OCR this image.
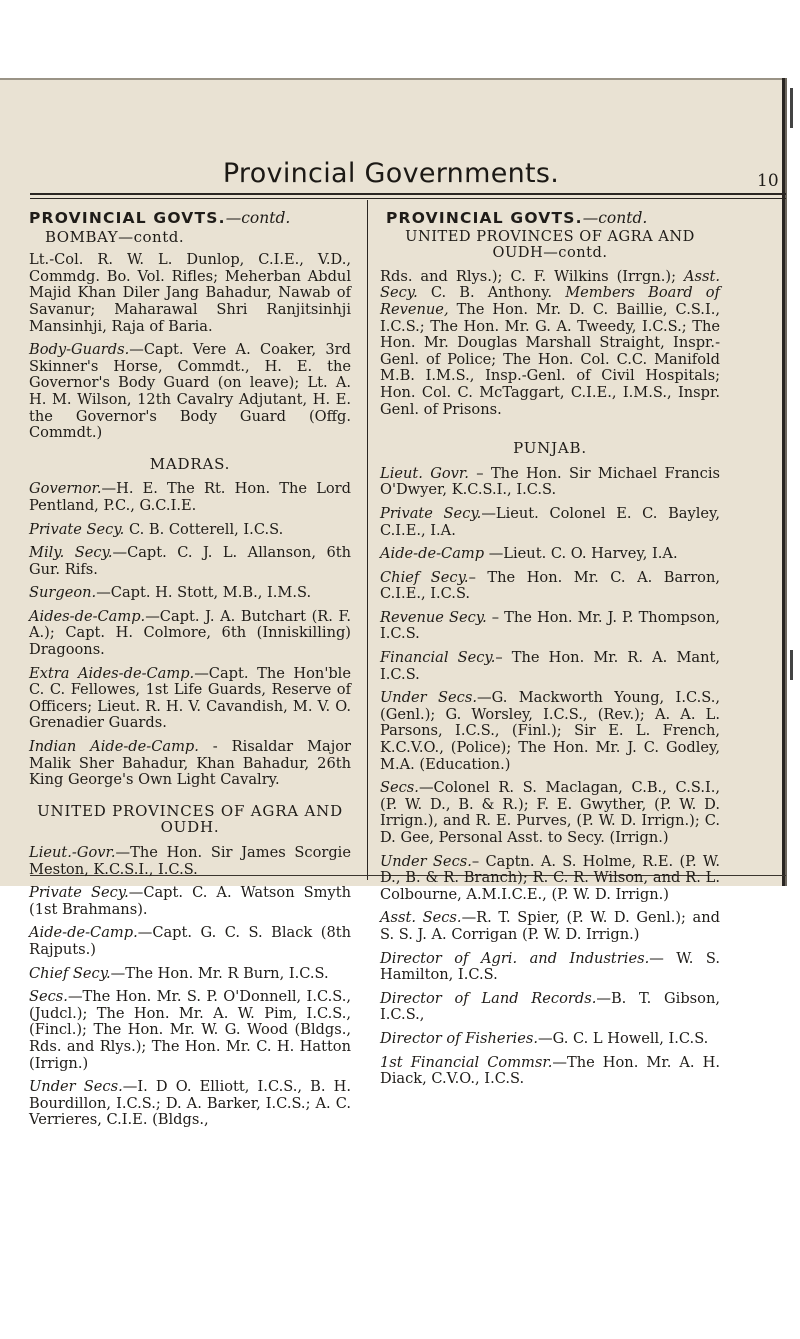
Provincial Governments.	10
PROVINCIAL GOVTS.—contd.
BOMBAY—contd.

Lt.-Col. R. W. L. Dunlop, C.I.E., V.D., Commdg. Bo. Vol. Rifles; Meherban Abdul Majid Khan Diler Jang Bahadur, Nawab of Savanur; Maharawal Shri Ranjitsinhji Mansinhji, Raja of Baria.

Body-Guards.—Capt. Vere A. Coaker, 3rd Skinner's Horse, Commdt., H. E. the Governor's Body Guard (on leave); Lt. A. H. M. Wilson, 12th Cavalry Adjutant, H. E. the Governor's Body Guard (Offg. Commdt.)

MADRAS.

Governor.—H. E. The Rt. Hon. The Lord Pentland, P.C., G.C.I.E.

Private Secy. C. B. Cotterell, I.C.S.

Mily. Secy.—Capt. C. J. L. Allanson, 6th Gur. Rifs.

Surgeon.—Capt. H. Stott, M.B., I.M.S.

Aides-de-Camp.—Capt. J. A. Butchart (R. F. A.); Capt. H. Colmore, 6th (Inniskilling) Dragoons.

Extra Aides-de-Camp.—Capt. The Hon'ble C. C. Fellowes, 1st Life Guards, Reserve of Officers; Lieut. R. H. V. Cavandish, M. V. O. Grenadier Guards.

Indian Aide-de-Camp. - Risaldar Major Malik Sher Bahadur, Khan Bahadur, 26th King George's Own Light Cavalry.

UNITED PROVINCES OF AGRA AND OUDH.

Lieut.-Govr.—The Hon. Sir James Scorgie Meston, K.C.S.I., I.C.S.

Private Secy.—Capt. C. A. Watson Smyth (1st Brahmans).

Aide-de-Camp.—Capt. G. C. S. Black (8th Rajputs.)

Chief Secy.—The Hon. Mr. R Burn, I.C.S.

Secs.—The Hon. Mr. S. P. O'Donnell, I.C.S., (Judcl.); The Hon. Mr. A. W. Pim, I.C.S., (Fincl.); The Hon. Mr. W. G. Wood (Bldgs., Rds. and Rlys.); The Hon. Mr. C. H. Hatton (Irrign.)

Under Secs.—I. D O. Elliott, I.C.S., B. H. Bourdillon, I.C.S.; D. A. Barker, I.C.S.; A. C. Verrieres, C.I.E. (Bldgs.,

PROVINCIAL GOVTS.—contd.
UNITED PROVINCES OF AGRA AND
OUDH—contd.

Rds. and Rlys.); C. F. Wilkins (Irrgn.); Asst. Secy. C. B. Anthony. Members Board of Revenue, The Hon. Mr. D. C. Baillie, C.S.I., I.C.S.; The Hon. Mr. G. A. Tweedy, I.C.S.; The Hon. Mr. Douglas Marshall Straight, Inspr.-Genl. of Police; The Hon. Col. C.C. Manifold M.B. I.M.S., Insp.-Genl. of Civil Hospitals; Hon. Col. C. McTaggart, C.I.E., I.M.S., Inspr. Genl. of Prisons.

PUNJAB.

Lieut. Govr. – The Hon. Sir Michael Francis O'Dwyer, K.C.S.I., I.C.S.

Private Secy.—Lieut. Colonel E. C. Bayley, C.I.E., I.A.

Aide-de-Camp —Lieut. C. O. Harvey, I.A.

Chief Secy.– The Hon. Mr. C. A. Barron, C.I.E., I.C.S.

Revenue Secy. – The Hon. Mr. J. P. Thompson, I.C.S.

Financial Secy.– The Hon. Mr. R. A. Mant, I.C.S.

Under Secs.—G. Mackworth Young, I.C.S., (Genl.); G. Worsley, I.C.S., (Rev.); A. A. L. Parsons, I.C.S., (Finl.); Sir E. L. French, K.C.V.O., (Police); The Hon. Mr. J. C. Godley, M.A. (Education.)

Secs.—Colonel R. S. Maclagan, C.B., C.S.I., (P. W. D., B. & R.); F. E. Gwyther, (P. W. D. Irrign.), and R. E. Purves, (P. W. D. Irrign.); C. D. Gee, Personal Asst. to Secy. (Irrign.)

Under Secs.– Captn. A. S. Holme, R.E. (P. W. D., B. & R. Branch); R. C. R. Wilson, and R. L. Colbourne, A.M.I.C.E., (P. W. D. Irrign.)

Asst. Secs.—R. T. Spier, (P. W. D. Genl.); and S. S. J. A. Corrigan (P. W. D. Irrign.)

Director of Agri. and Industries.— W. S. Hamilton, I.C.S.

Director of Land Records.—B. T. Gibson, I.C.S.,

Director of Fisheries.—G. C. L Howell, I.C.S.

1st Financial Commsr.—The Hon. Mr. A. H. Diack, C.V.O., I.C.S.
